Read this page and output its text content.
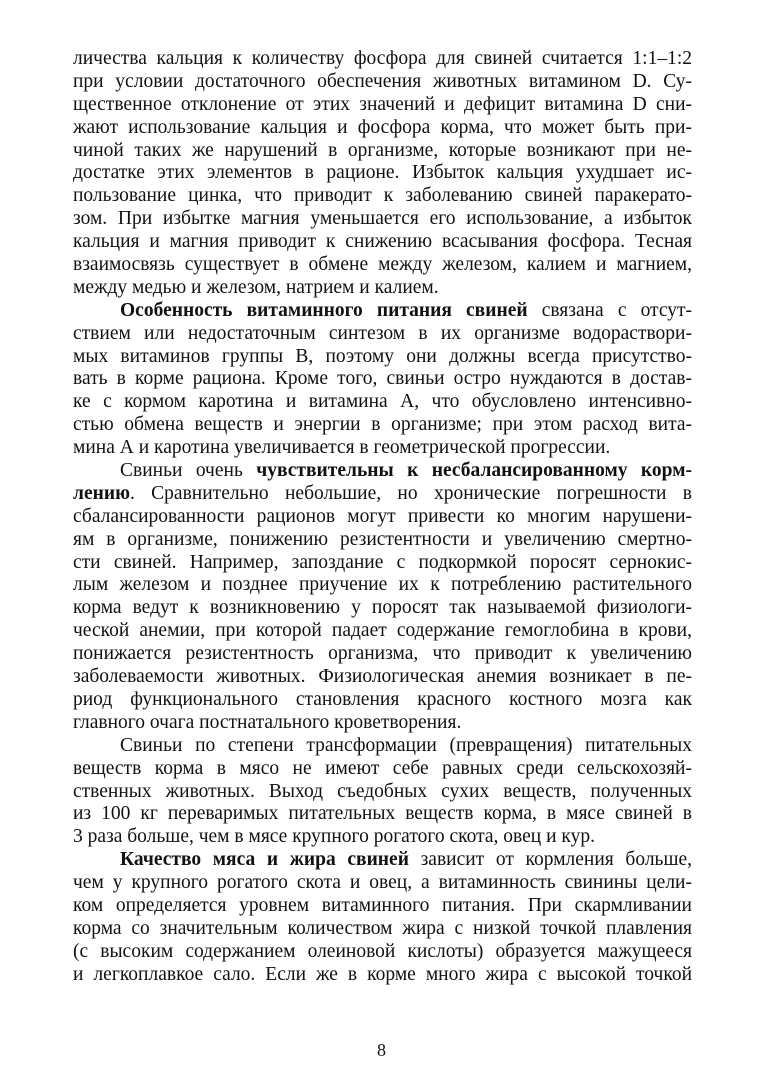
личества кальция к количеству фосфора для свиней считается 1:1–1:2
при условии достаточного обеспечения животных витамином D. Су-
щественное отклонение от этих значений и дефицит витамина D сни-
жают использование кальция и фосфора корма, что может быть при-
чиной таких же нарушений в организме, которые возникают при не-
достатке этих элементов в рационе. Избыток кальция ухудшает ис-
пользование цинка, что приводит к заболеванию свиней паракерато-
зом. При избытке магния уменьшается его использование, а избыток
кальция и магния приводит к снижению всасывания фосфора. Тесная
взаимосвязь существует в обмене между железом, калием и магнием,
между медью и железом, натрием и калием.
Особенность витаминного питания свиней связана с отсут-
ствием или недостаточным синтезом в их организме водораствори-
мых витаминов группы В, поэтому они должны всегда присутство-
вать в корме рациона. Кроме того, свиньи остро нуждаются в достав-
ке с кормом каротина и витамина А, что обусловлено интенсивно-
стью обмена веществ и энергии в организме; при этом расход вита-
мина А и каротина увеличивается в геометрической прогрессии.
Свиньи очень чувствительны к несбалансированному корм-
лению. Сравнительно небольшие, но хронические погрешности в
сбалансированности рационов могут привести ко многим нарушени-
ям в организме, понижению резистентности и увеличению смертно-
сти свиней. Например, запоздание с подкормкой поросят сернокис-
лым железом и позднее приучение их к потреблению растительного
корма ведут к возникновению у поросят так называемой физиологи-
ческой анемии, при которой падает содержание гемоглобина в крови,
понижается резистентность организма, что приводит к увеличению
заболеваемости животных. Физиологическая анемия возникает в пе-
риод функционального становления красного костного мозга как
главного очага постнатального кроветворения.
Свиньи по степени трансформации (превращения) питательных
веществ корма в мясо не имеют себе равных среди сельскохозяй-
ственных животных. Выход съедобных сухих веществ, полученных
из 100 кг переваримых питательных веществ корма, в мясе свиней в
3 раза больше, чем в мясе крупного рогатого скота, овец и кур.
Качество мяса и жира свиней зависит от кормления больше,
чем у крупного рогатого скота и овец, а витаминность свинины цели-
ком определяется уровнем витаминного питания. При скармливании
корма со значительным количеством жира с низкой точкой плавления
(с высоким содержанием олеиновой кислоты) образуется мажущееся
и легкоплавкое сало. Если же в корме много жира с высокой точкой
8
